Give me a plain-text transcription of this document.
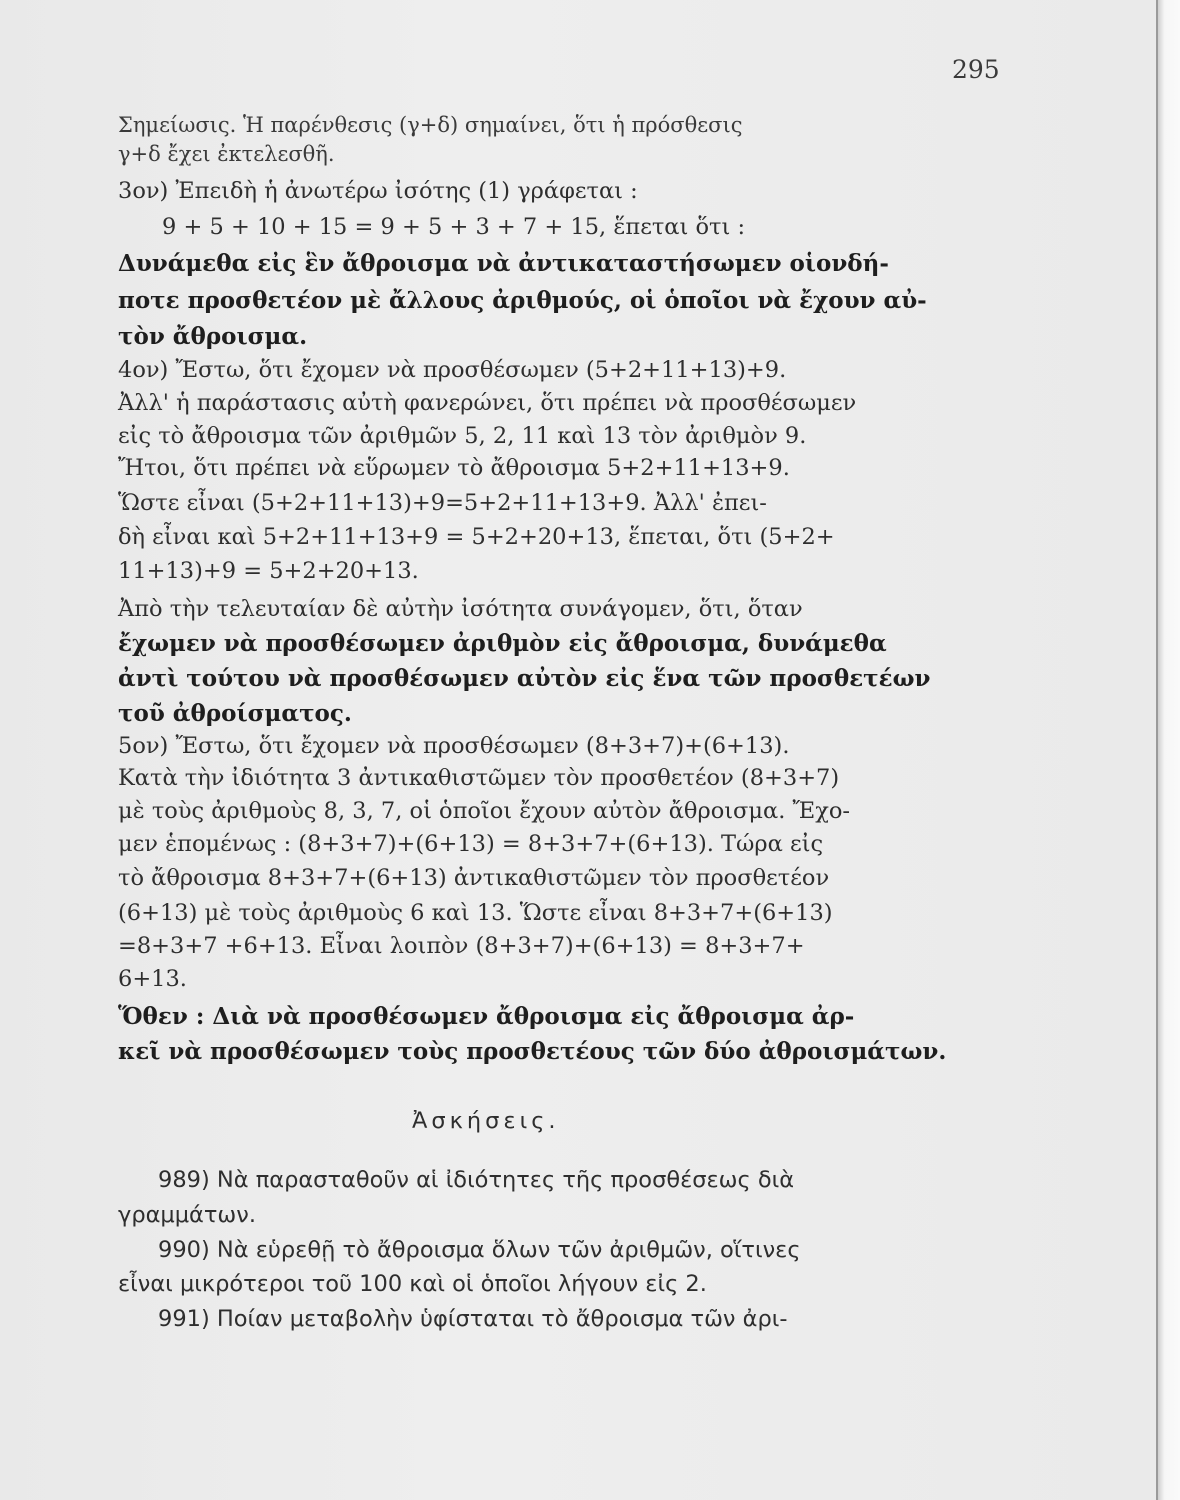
295
Σημείωσις. Ἡ παρένθεσις (γ+δ) σημαίνει, ὅτι ἡ πρόσθεσις
γ+δ ἔχει ἐκτελεσθῆ.
3ον) Ἐπειδὴ ἡ ἀνωτέρω ἰσότης (1) γράφεται :
9 + 5 + 10 + 15 = 9 + 5 + 3 + 7 + 15, ἕπεται ὅτι :
Δυνάμεθα εἰς ἓν ἄθροισμα νὰ ἀντικαταστήσωμεν οἱονδή-
ποτε προσθετέον μὲ ἄλλους ἀριθμούς, οἱ ὁποῖοι νὰ ἔχουν αὐ-
τὸν ἄθροισμα.
4ον) Ἔστω, ὅτι ἔχομεν νὰ προσθέσωμεν (5+2+11+13)+9.
Ἀλλ' ἡ παράστασις αὐτὴ φανερώνει, ὅτι πρέπει νὰ προσθέσωμεν
εἰς τὸ ἄθροισμα τῶν ἀριθμῶν 5, 2, 11 καὶ 13 τὸν ἀριθμὸν 9.
Ἤτοι, ὅτι πρέπει νὰ εὕρωμεν τὸ ἄθροισμα 5+2+11+13+9.
Ὥστε εἶναι (5+2+11+13)+9=5+2+11+13+9. Ἀλλ' ἐπει-
δὴ εἶναι καὶ 5+2+11+13+9 = 5+2+20+13, ἕπεται, ὅτι (5+2+
11+13)+9 = 5+2+20+13.
Ἀπὸ τὴν τελευταίαν δὲ αὐτὴν ἰσότητα συνάγομεν, ὅτι, ὅταν
ἔχωμεν νὰ προσθέσωμεν ἀριθμὸν εἰς ἄθροισμα, δυνάμεθα
ἀντὶ τούτου νὰ προσθέσωμεν αὐτὸν εἰς ἕνα τῶν προσθετέων
τοῦ ἀθροίσματος.
5ον) Ἔστω, ὅτι ἔχομεν νὰ προσθέσωμεν (8+3+7)+(6+13).
Κατὰ τὴν ἰδιότητα 3 ἀντικαθιστῶμεν τὸν προσθετέον (8+3+7)
μὲ τοὺς ἀριθμοὺς 8, 3, 7, οἱ ὁποῖοι ἔχουν αὐτὸν ἄθροισμα. Ἔχο-
μεν ἑπομένως : (8+3+7)+(6+13) = 8+3+7+(6+13). Τώρα εἰς
τὸ ἄθροισμα 8+3+7+(6+13) ἀντικαθιστῶμεν τὸν προσθετέον
(6+13) μὲ τοὺς ἀριθμοὺς 6 καὶ 13. Ὥστε εἶναι 8+3+7+(6+13)
=8+3+7 +6+13. Εἶναι λοιπὸν (8+3+7)+(6+13) = 8+3+7+
6+13.
Ὅθεν : Διὰ νὰ προσθέσωμεν ἄθροισμα εἰς ἄθροισμα ἀρ-
κεῖ νὰ προσθέσωμεν τοὺς προσθετέους τῶν δύο ἀθροισμάτων.
Ἀσκήσεις.
989) Νὰ παρασταθοῦν αἱ ἰδιότητες τῆς προσθέσεως διὰ
γραμμάτων.
990) Νὰ εὑρεθῇ τὸ ἄθροισμα ὅλων τῶν ἀριθμῶν, οἵτινες
εἶναι μικρότεροι τοῦ 100 καὶ οἱ ὁποῖοι λήγουν εἰς 2.
991) Ποίαν μεταβολὴν ὑφίσταται τὸ ἄθροισμα τῶν ἀρι-
